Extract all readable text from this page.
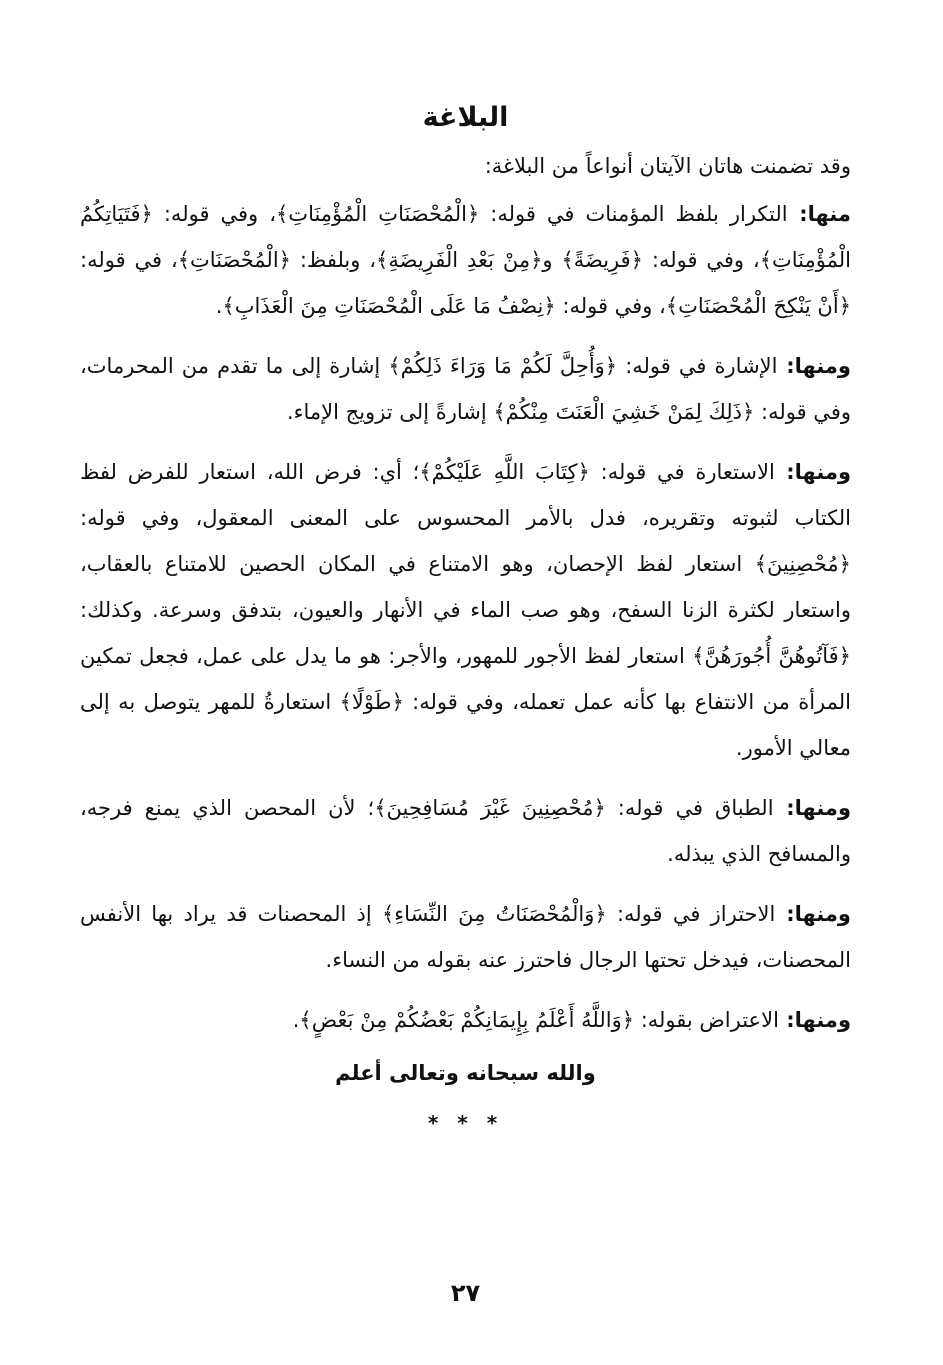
البلاغة
وقد تضمنت هاتان الآيتان أنواعاً من البلاغة:

منها: التكرار بلفظ المؤمنات في قوله: ﴿الْمُحْصَنَاتِ الْمُؤْمِنَاتِ﴾، وفي قوله: ﴿فَتَيَاتِكُمُ الْمُؤْمِنَاتِ﴾، وفي قوله: ﴿فَرِيضَةً﴾ و﴿مِنْ بَعْدِ الْفَرِيضَةِ﴾، وبلفظ: ﴿الْمُحْصَنَاتِ﴾، في قوله: ﴿أَنْ يَنْكِحَ الْمُحْصَنَاتِ﴾، وفي قوله: ﴿نِصْفُ مَا عَلَى الْمُحْصَنَاتِ مِنَ الْعَذَابِ﴾.

ومنها: الإشارة في قوله: ﴿وَأُحِلَّ لَكُمْ مَا وَرَاءَ ذَلِكُمْ﴾ إشارة إلى ما تقدم من المحرمات، وفي قوله: ﴿ذَلِكَ لِمَنْ خَشِيَ الْعَنَتَ مِنْكُمْ﴾ إشارةً إلى تزويج الإماء.

ومنها: الاستعارة في قوله: ﴿كِتَابَ اللَّهِ عَلَيْكُمْ﴾؛ أي: فرض الله، استعار للفرض لفظ الكتاب لثبوته وتقريره، فدل بالأمر المحسوس على المعنى المعقول، وفي قوله: ﴿مُحْصِنِينَ﴾ استعار لفظ الإحصان، وهو الامتناع في المكان الحصين للامتناع بالعقاب، واستعار لكثرة الزنا السفح، وهو صب الماء في الأنهار والعيون، بتدفق وسرعة. وكذلك: ﴿فَآتُوهُنَّ أُجُورَهُنَّ﴾ استعار لفظ الأجور للمهور، والأجر: هو ما يدل على عمل، فجعل تمكين المرأة من الانتفاع بها كأنه عمل تعمله، وفي قوله: ﴿طَوْلًا﴾ استعارةُ للمهر يتوصل به إلى معالي الأمور.

ومنها: الطباق في قوله: ﴿مُحْصِنِينَ غَيْرَ مُسَافِحِينَ﴾؛ لأن المحصن الذي يمنع فرجه، والمسافح الذي يبذله.

ومنها: الاحتراز في قوله: ﴿وَالْمُحْصَنَاتُ مِنَ النِّسَاءِ﴾ إذ المحصنات قد يراد بها الأنفس المحصنات، فيدخل تحتها الرجال فاحترز عنه بقوله من النساء.

ومنها: الاعتراض بقوله: ﴿وَاللَّهُ أَعْلَمُ بِإِيمَانِكُمْ بَعْضُكُمْ مِنْ بَعْضٍ﴾.

والله سبحانه وتعالى أعلم
* * *
٢٧
